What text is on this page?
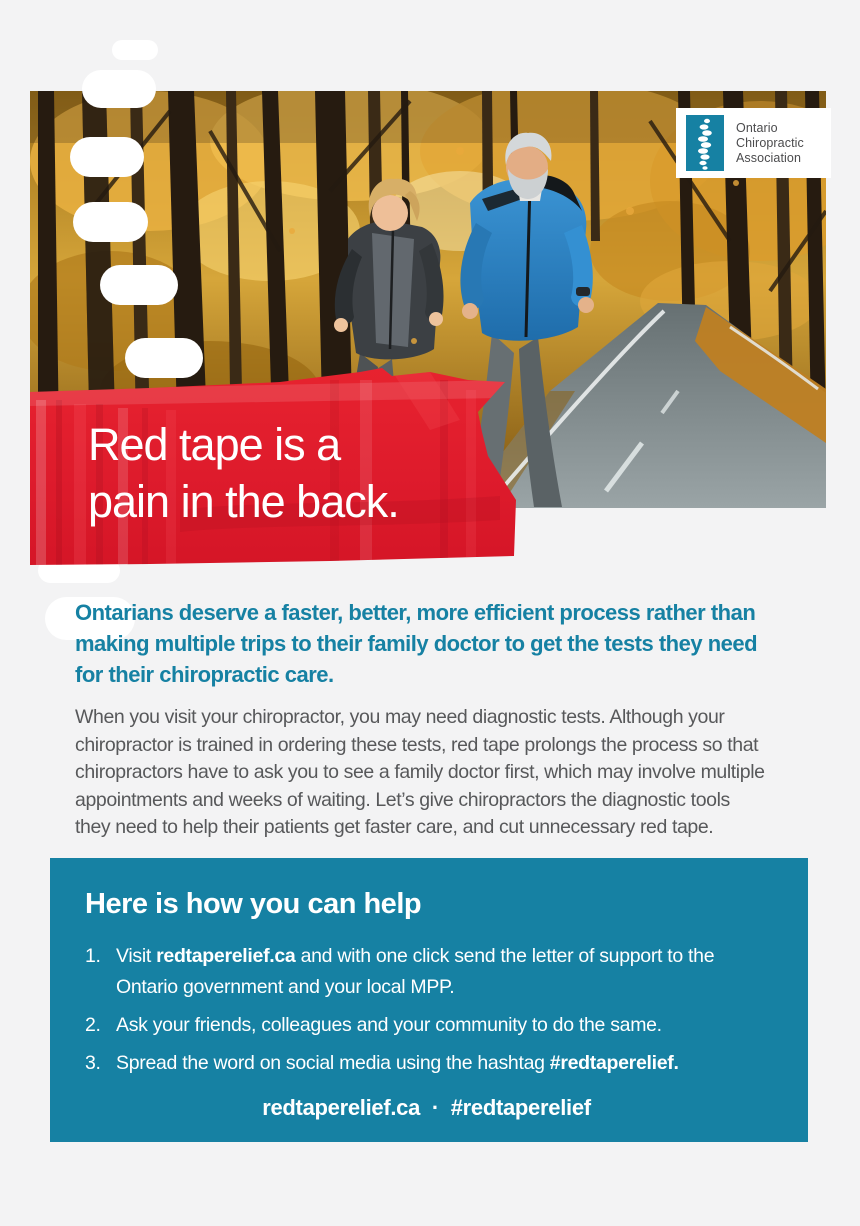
Ontario
Chiropractic
Association
Red tape is a
pain in the back.
Ontarians deserve a faster, better, more efficient process rather than
making multiple trips to their family doctor to get the tests they need
for their chiropractic care.
When you visit your chiropractor, you may need diagnostic tests. Although your
chiropractor is trained in ordering these tests, red tape prolongs the process so that
chiropractors have to ask you to see a family doctor first, which may involve multiple
appointments and weeks of waiting. Let’s give chiropractors the diagnostic tools
they need to help their patients get faster care, and cut unnecessary red tape.
Here is how you can help
1. Visit redtaperelief.ca and with one click send the letter of support to the Ontario government and your local MPP.
2. Ask your friends, colleagues and your community to do the same.
3. Spread the word on social media using the hashtag #redtaperelief.
redtaperelief.ca · #redtaperelief
